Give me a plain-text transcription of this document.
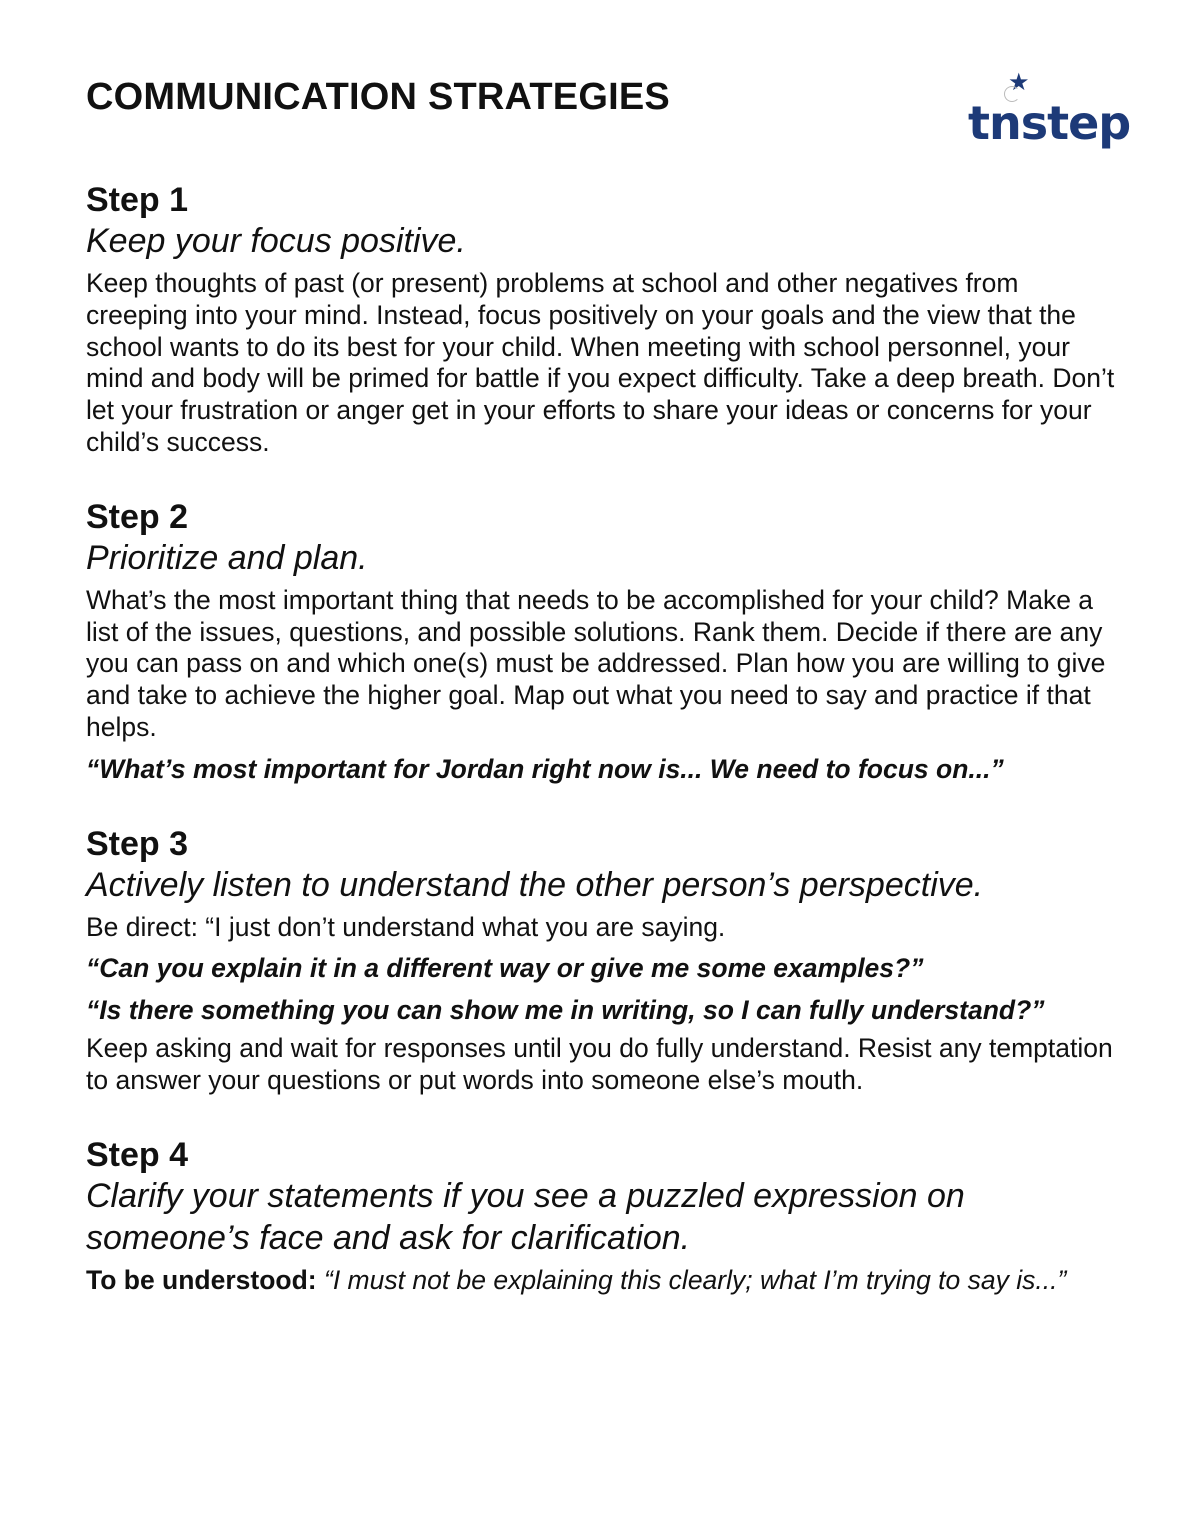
COMMUNICATION STRATEGIES	★
tnstep
Step 1

Keep your focus positive.

Keep thoughts of past (or present) problems at school and other negatives from creeping into your mind. Instead, focus positively on your goals and the view that the school wants to do its best for your child. When meeting with school personnel, your mind and body will be primed for battle if you expect difficulty. Take a deep breath. Don’t let your frustration or anger get in your efforts to share your ideas or concerns for your child’s success.

Step 2

Prioritize and plan.

What’s the most important thing that needs to be accomplished for your child? Make a list of the issues, questions, and possible solutions. Rank them. Decide if there are any you can pass on and which one(s) must be addressed. Plan how you are willing to give and take to achieve the higher goal. Map out what you need to say and practice if that helps.

“What’s most important for Jordan right now is... We need to focus on...”

Step 3

Actively listen to understand the other person’s perspective.

Be direct: “I just don’t understand what you are saying.

“Can you explain it in a different way or give me some examples?”

“Is there something you can show me in writing, so I can fully understand?”

Keep asking and wait for responses until you do fully understand. Resist any temptation to answer your questions or put words into someone else’s mouth.

Step 4

Clarify your statements if you see a puzzled expression on someone’s face and ask for clarification.

To be understood: “I must not be explaining this clearly; what I’m trying to say is...”
